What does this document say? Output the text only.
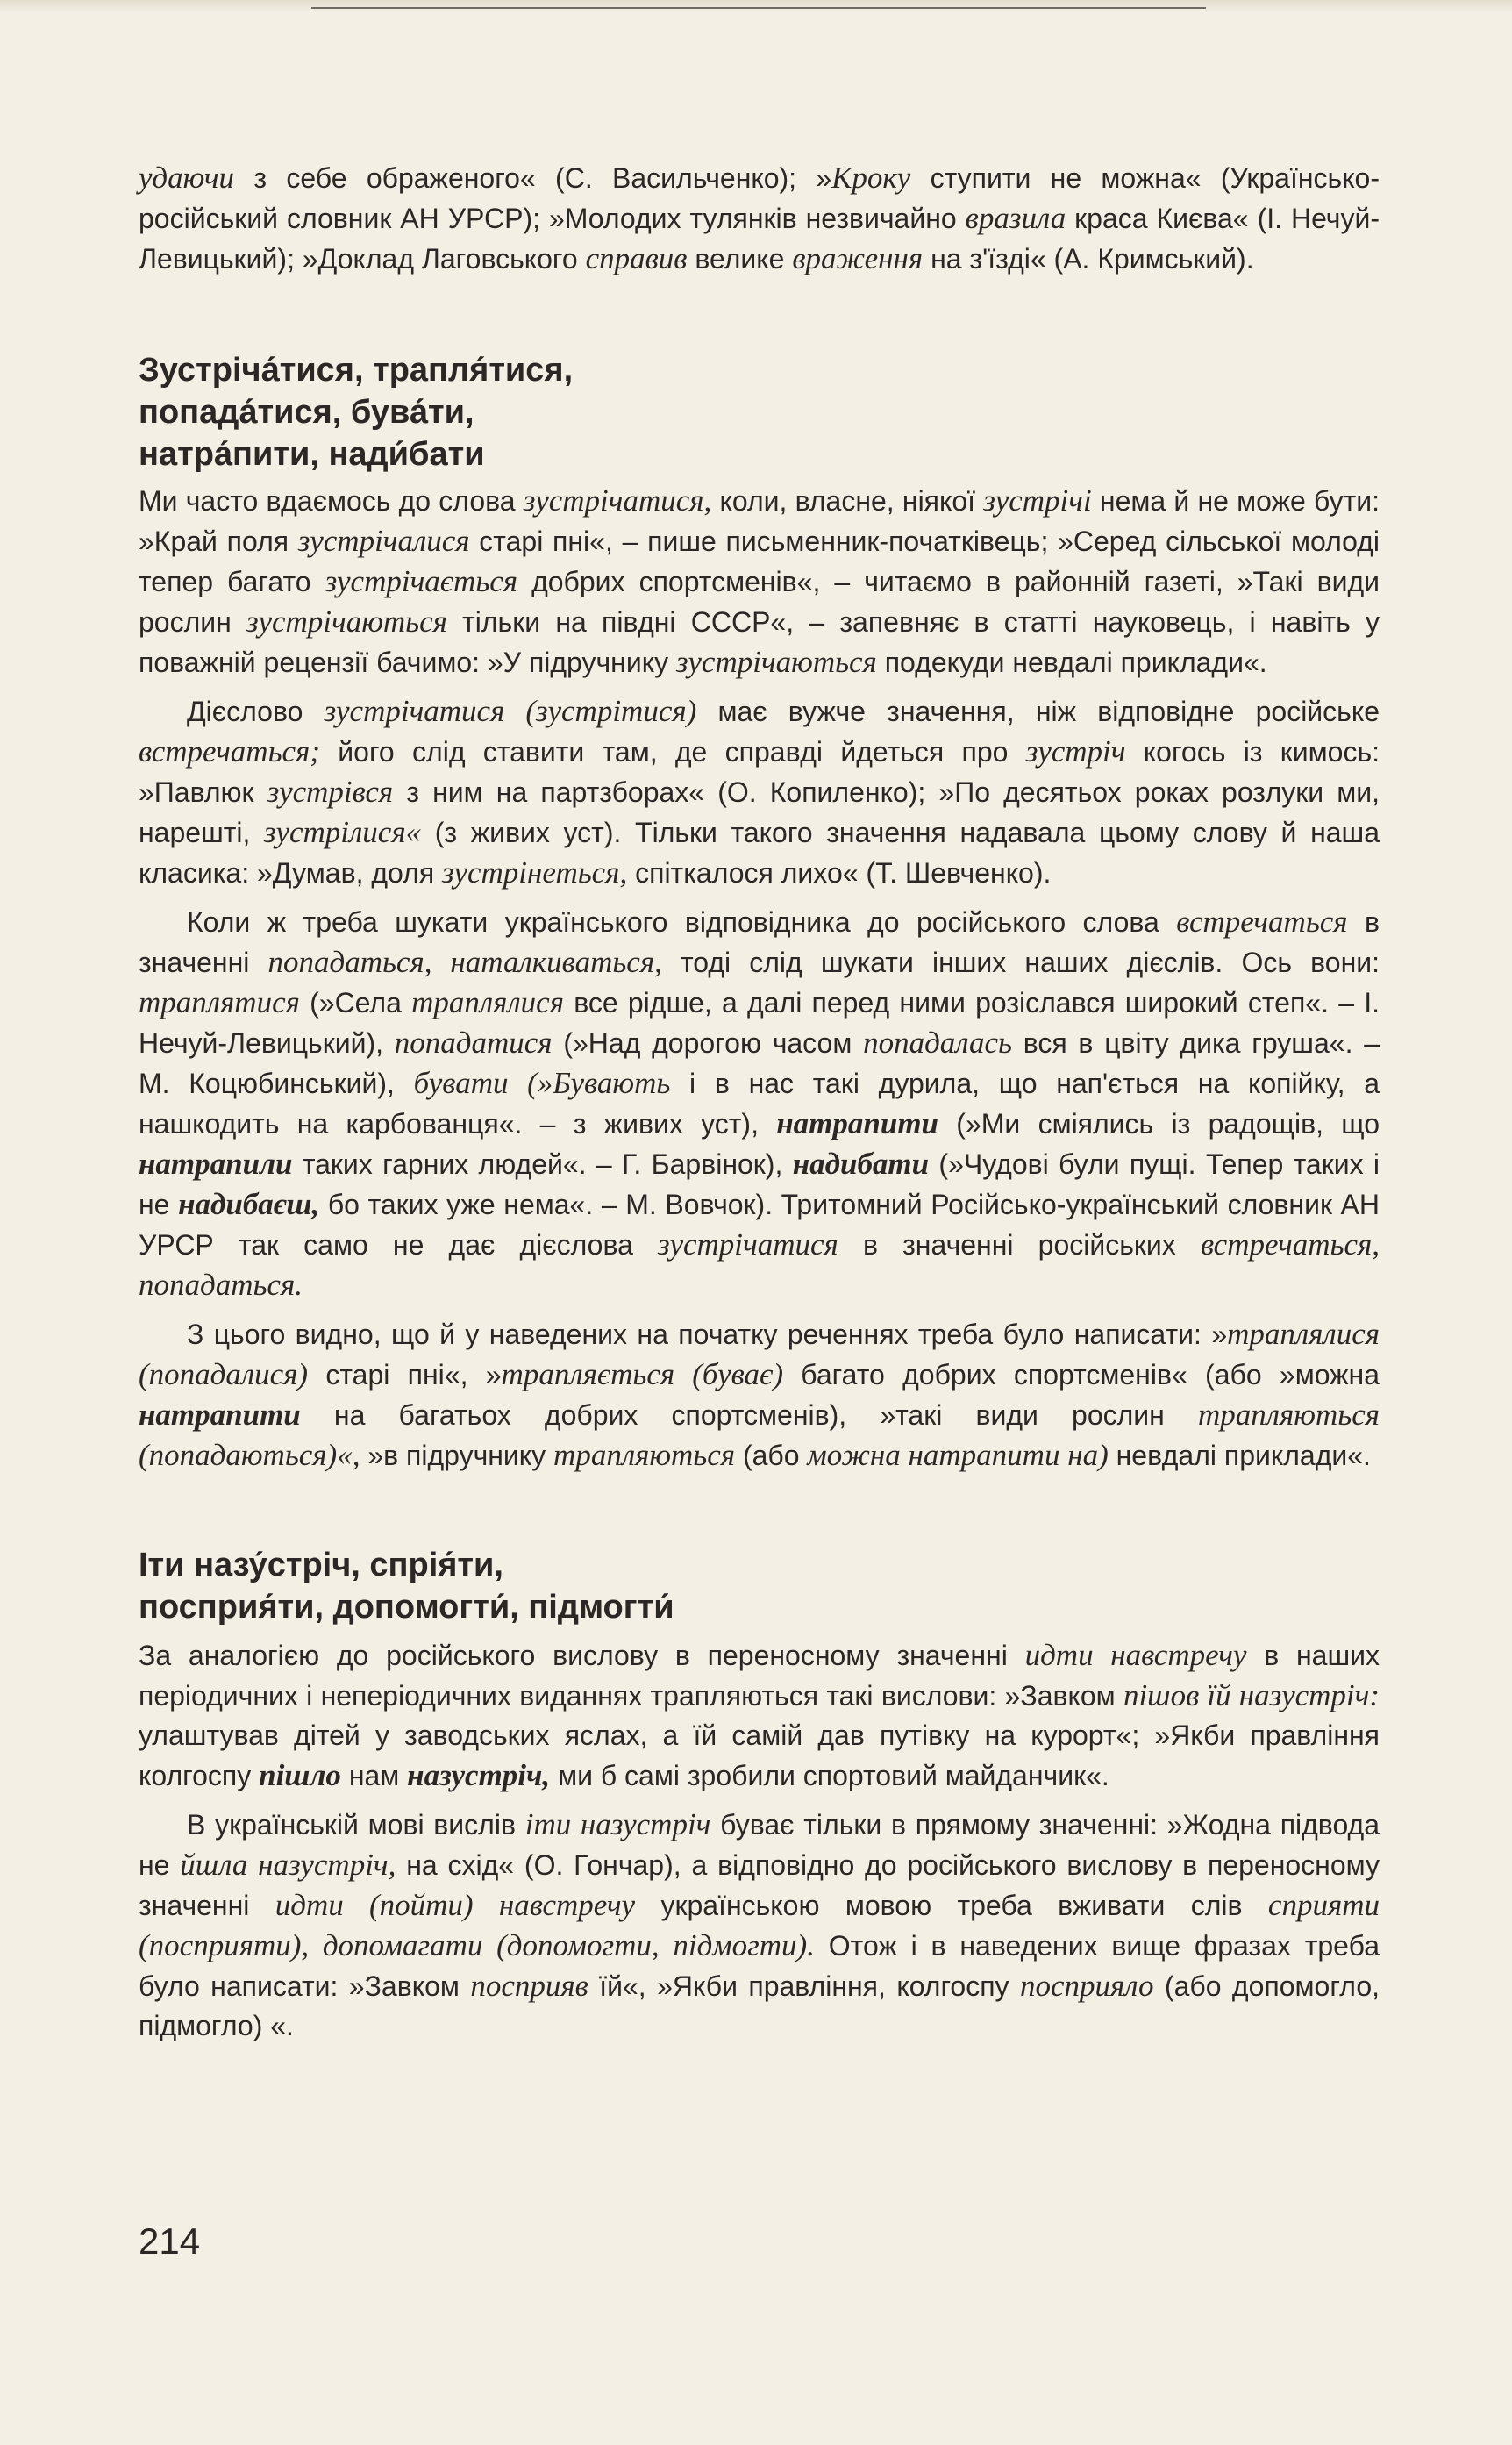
удаючи з себе ображеного« (С. Васильченко); »Кроку ступити не можна« (Українсько-російський словник АН УРСР); »Молодих тулянків незвичайно вразила краса Києва« (І. Нечуй-Левицький); »Доклад Лаговського справив велике враження на з'їзді« (А. Кримський).

Зустріча́тися, трапля́тися,
попада́тися, бува́ти,
натра́пити, нади́бати

Ми часто вдаємось до слова зустрічатися, коли, власне, ніякої зустрічі нема й не може бути: »Край поля зустрічалися старі пні«, – пише письменник-початківець; »Серед сільської молоді тепер багато зустрічається добрих спортсменів«, – читаємо в районній газеті, »Такі види рослин зустрічаються тільки на півдні СССР«, – запевняє в статті науковець, і навіть у поважній рецензії бачимо: »У підручнику зустрічаються подекуди невдалі приклади«.

Дієслово зустрічатися (зустрітися) має вужче значення, ніж відповідне російське встречаться; його слід ставити там, де справді йдеться про зустріч когось із кимось: »Павлюк зустрівся з ним на партзборах« (О. Копиленко); »По десятьох роках розлуки ми, нарешті, зустрілися« (з живих уст). Тільки такого значення надавала цьому слову й наша класика: »Думав, доля зустрінеться, спіткалося лихо« (Т. Шевченко).

Коли ж треба шукати українського відповідника до російського слова встречаться в значенні попадаться, наталкиваться, тоді слід шукати інших наших дієслів. Ось вони: траплятися (»Села траплялися все рідше, а далі перед ними розіслався широкий степ«. – І. Нечуй-Левицький), попадатися (»Над дорогою часом попадалась вся в цвіту дика груша«. – М. Коцюбинський), бувати (»Бувають і в нас такі дурила, що нап'ється на копійку, а нашкодить на карбованця«. – з живих уст), натрапити (»Ми сміялись із радощів, що натрапили таких гарних людей«. – Г. Барвінок), надибати (»Чудові були пущі. Тепер таких і не надибаєш, бо таких уже нема«. – М. Вовчок). Тритомний Російсько-український словник АН УРСР так само не дає дієслова зустрічатися в значенні російських встречаться, попадаться.

З цього видно, що й у наведених на початку реченнях треба було написати: »траплялися (попадалися) старі пні«, »трапляється (буває) багато добрих спортсменів« (або »можна натрапити на багатьох добрих спортсменів), »такі види рослин трапляються (попадаються)«, »в підручнику трапляються (або можна натрапити на) невдалі приклади«.

Іти назу́стріч, спрія́ти,
посприя́ти, допомогти́, підмогти́

За аналогією до російського вислову в переносному значенні идти навстречу в наших періодичних і неперіодичних виданнях трапляються такі вислови: »Завком пішов їй назустріч: улаштував дітей у заводських яслах, а їй самій дав путівку на курорт«; »Якби правління колгоспу пішло нам назустріч, ми б самі зробили спортовий майданчик«.

В українській мові вислів іти назустріч буває тільки в прямому значенні: »Жодна підвода не йшла назустріч, на схід« (О. Гончар), а відповідно до російського вислову в переносному значенні идти (пойти) навстречу українською мовою треба вживати слів сприяти (посприяти), допомагати (допомогти, підмогти). Отож і в наведених вище фразах треба було написати: »Завком посприяв їй«, »Якби правління, колгоспу посприяло (або допомогло, підмогло) «.

214
